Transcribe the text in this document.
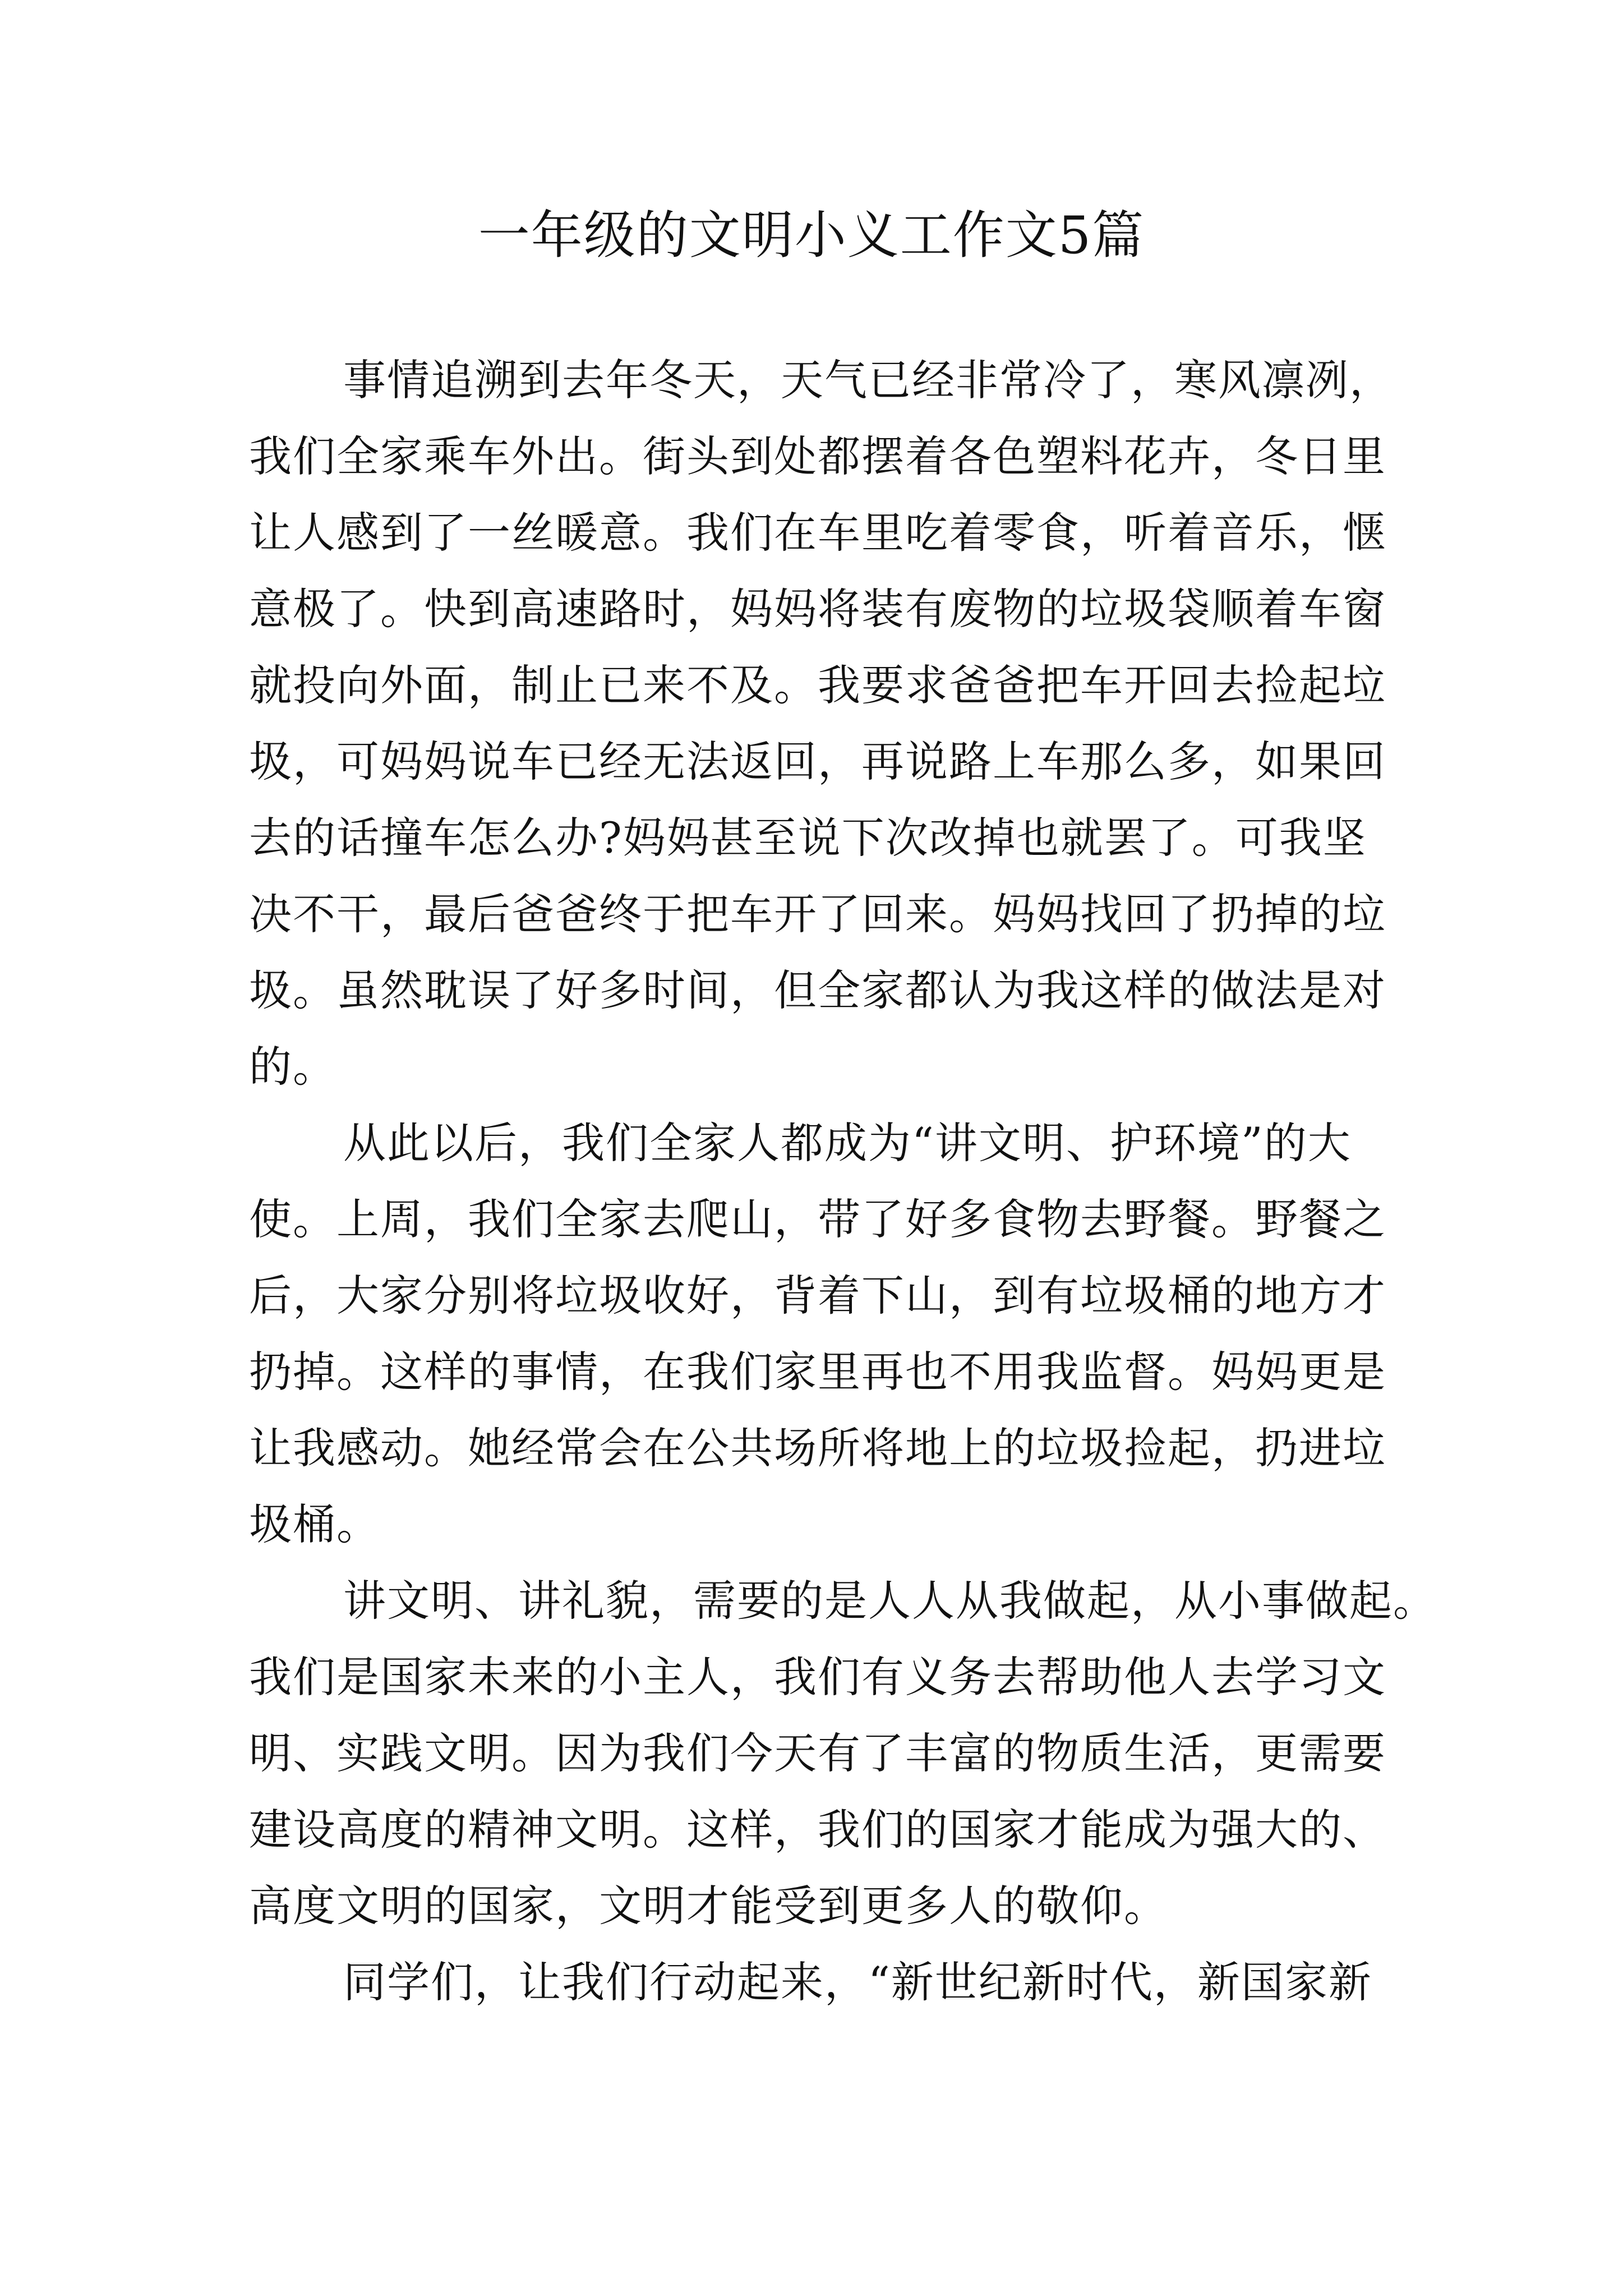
一年级的文明小义工作文5篇
事情追溯到去年冬天，天气已经非常冷了，寒风凛冽，
我们全家乘车外出。街头到处都摆着各色塑料花卉，冬日里
让人感到了一丝暖意。我们在车里吃着零食，听着音乐，惬
意极了。快到高速路时，妈妈将装有废物的垃圾袋顺着车窗
就投向外面，制止已来不及。我要求爸爸把车开回去捡起垃
圾，可妈妈说车已经无法返回，再说路上车那么多，如果回
去的话撞车怎么办?妈妈甚至说下次改掉也就罢了。可我坚
决不干，最后爸爸终于把车开了回来。妈妈找回了扔掉的垃
圾。虽然耽误了好多时间，但全家都认为我这样的做法是对
的。
从此以后，我们全家人都成为“讲文明、护环境”的大
使。上周，我们全家去爬山，带了好多食物去野餐。野餐之
后，大家分别将垃圾收好，背着下山，到有垃圾桶的地方才
扔掉。这样的事情，在我们家里再也不用我监督。妈妈更是
让我感动。她经常会在公共场所将地上的垃圾捡起，扔进垃
圾桶。
讲文明、讲礼貌，需要的是人人从我做起，从小事做起。
我们是国家未来的小主人，我们有义务去帮助他人去学习文
明、实践文明。因为我们今天有了丰富的物质生活，更需要
建设高度的精神文明。这样，我们的国家才能成为强大的、
高度文明的国家，文明才能受到更多人的敬仰。
同学们，让我们行动起来，“新世纪新时代，新国家新
